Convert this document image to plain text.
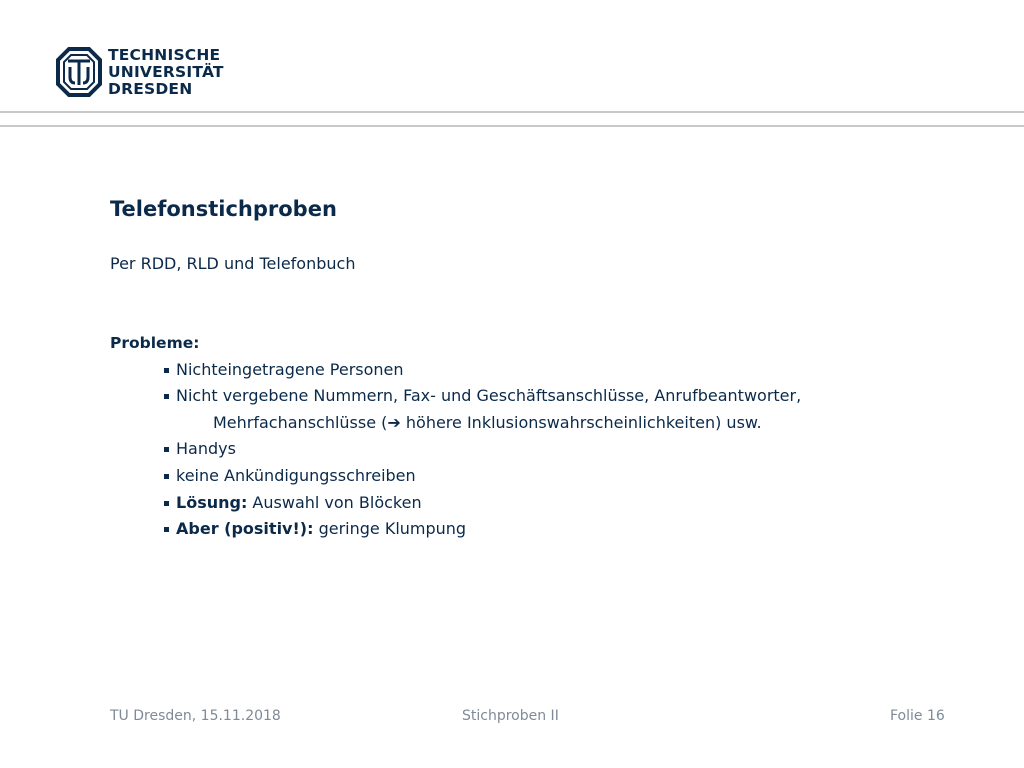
TECHNISCHE
UNIVERSITÄT
DRESDEN
Telefonstichproben
Per RDD, RLD und Telefonbuch
Probleme:
Nichteingetragene Personen
Nicht vergebene Nummern, Fax- und Geschäftsanschlüsse, Anrufbeantworter,
Mehrfachanschlüsse (➔ höhere Inklusionswahrscheinlichkeiten) usw.
Handys
keine Ankündigungsschreiben
Lösung: Auswahl von Blöcken
Aber (positiv!): geringe Klumpung
TU Dresden, 15.11.2018	Stichproben II	Folie 16
